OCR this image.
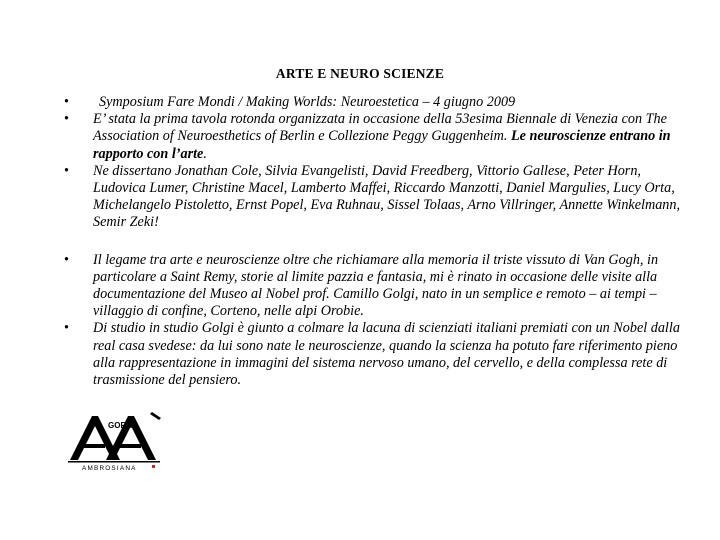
ARTE E NEURO SCIENZE
• Symposium Fare Mondi / Making Worlds: Neuroestetica – 4 giugno 2009
• E’ stata la prima tavola rotonda organizzata in occasione della 53esima Biennale di Venezia con The Association of Neuroesthetics of Berlin e Collezione Peggy Guggenheim. Le neuroscienze entrano in rapporto con l’arte.
• Ne dissertano Jonathan Cole, Silvia Evangelisti, David Freedberg, Vittorio Gallese, Peter Horn, Ludovica Lumer, Christine Macel, Lamberto Maffei, Riccardo Manzotti, Daniel Margulies, Lucy Orta, Michelangelo Pistoletto, Ernst Popel, Eva Ruhnau, Sissel Tolaas, Arno Villringer, Annette Winkelmann, Semir Zeki!
• Il legame tra arte e neuroscienze oltre che richiamare alla memoria il triste vissuto di Van Gogh, in particolare a Saint Remy, storie al limite pazzia e fantasia, mi è rinato in occasione delle visite alla documentazione del Museo al Nobel prof. Camillo Golgi, nato in un semplice e remoto – ai tempi – villaggio di confine, Corteno, nelle alpi Orobie.
• Di studio in studio Golgi è giunto a colmare la lacuna di scienziati italiani premiati con un Nobel dalla real casa svedese: da lui sono nate le neuroscienze, quando la scienza ha potuto fare riferimento pieno alla rappresentazione in immagini del sistema nervoso umano, del cervello, e della complessa rete di trasmissione del pensiero.
GORA
AMBROSIANA
